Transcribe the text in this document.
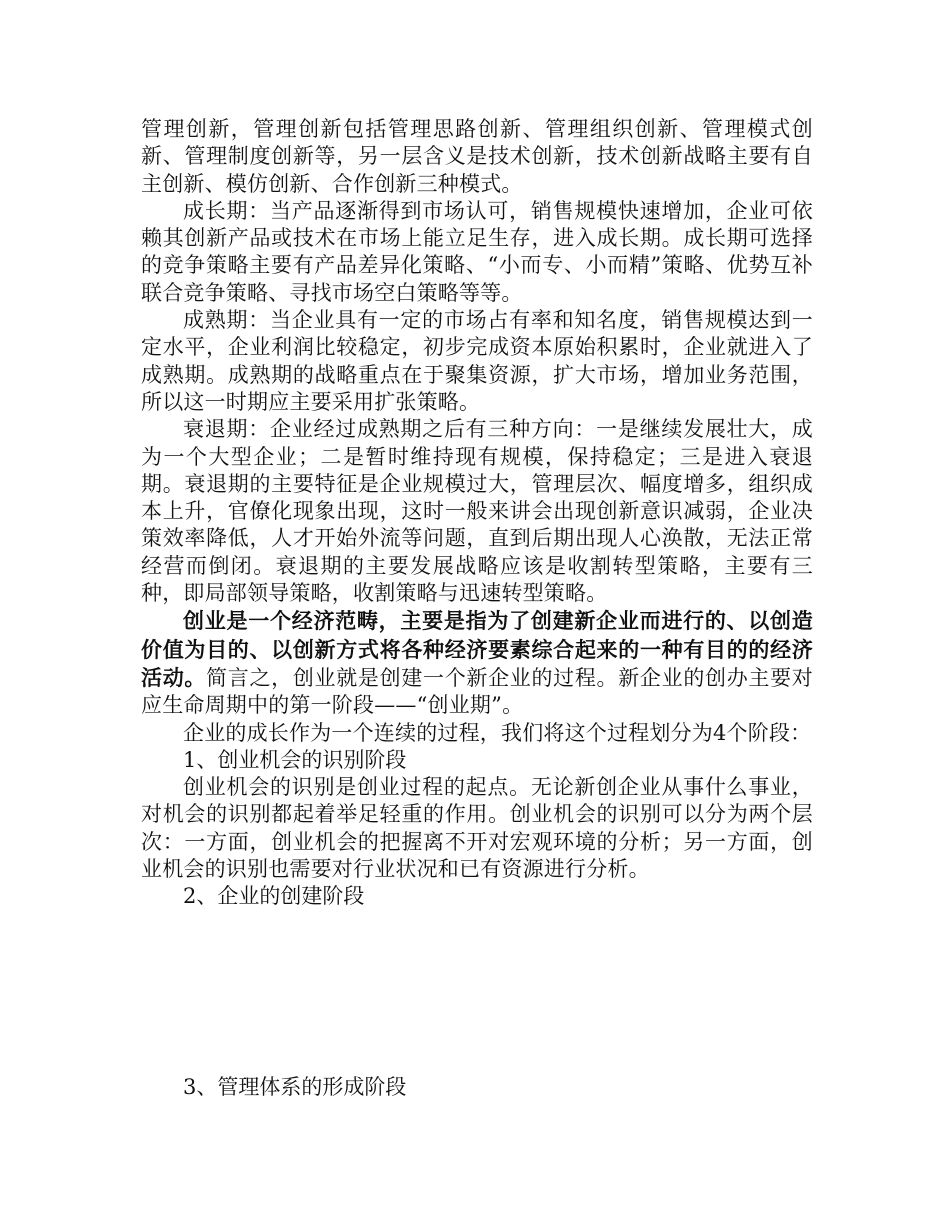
管理创新，管理创新包括管理思路创新、管理组织创新、管理模式创新、管理制度创新等，另一层含义是技术创新，技术创新战略主要有自主创新、模仿创新、合作创新三种模式。

成长期：当产品逐渐得到市场认可，销售规模快速增加，企业可依赖其创新产品或技术在市场上能立足生存，进入成长期。成长期可选择的竞争策略主要有产品差异化策略、“小而专、小而精”策略、优势互补联合竞争策略、寻找市场空白策略等等。

成熟期：当企业具有一定的市场占有率和知名度，销售规模达到一定水平，企业利润比较稳定，初步完成资本原始积累时，企业就进入了成熟期。成熟期的战略重点在于聚集资源，扩大市场，增加业务范围，所以这一时期应主要采用扩张策略。

衰退期：企业经过成熟期之后有三种方向：一是继续发展壮大，成为一个大型企业；二是暂时维持现有规模，保持稳定；三是进入衰退期。衰退期的主要特征是企业规模过大，管理层次、幅度增多，组织成本上升，官僚化现象出现，这时一般来讲会出现创新意识减弱，企业决策效率降低，人才开始外流等问题，直到后期出现人心涣散，无法正常经营而倒闭。衰退期的主要发展战略应该是收割转型策略，主要有三种，即局部领导策略，收割策略与迅速转型策略。

创业是一个经济范畴，主要是指为了创建新企业而进行的、以创造价值为目的、以创新方式将各种经济要素综合起来的一种有目的的经济活动。简言之，创业就是创建一个新企业的过程。新企业的创办主要对应生命周期中的第一阶段——“创业期”。

企业的成长作为一个连续的过程，我们将这个过程划分为4个阶段：

1、创业机会的识别阶段

创业机会的识别是创业过程的起点。无论新创企业从事什么事业，对机会的识别都起着举足轻重的作用。创业机会的识别可以分为两个层次：一方面，创业机会的把握离不开对宏观环境的分析；另一方面，创业机会的识别也需要对行业状况和已有资源进行分析。

2、企业的创建阶段

3、管理体系的形成阶段
